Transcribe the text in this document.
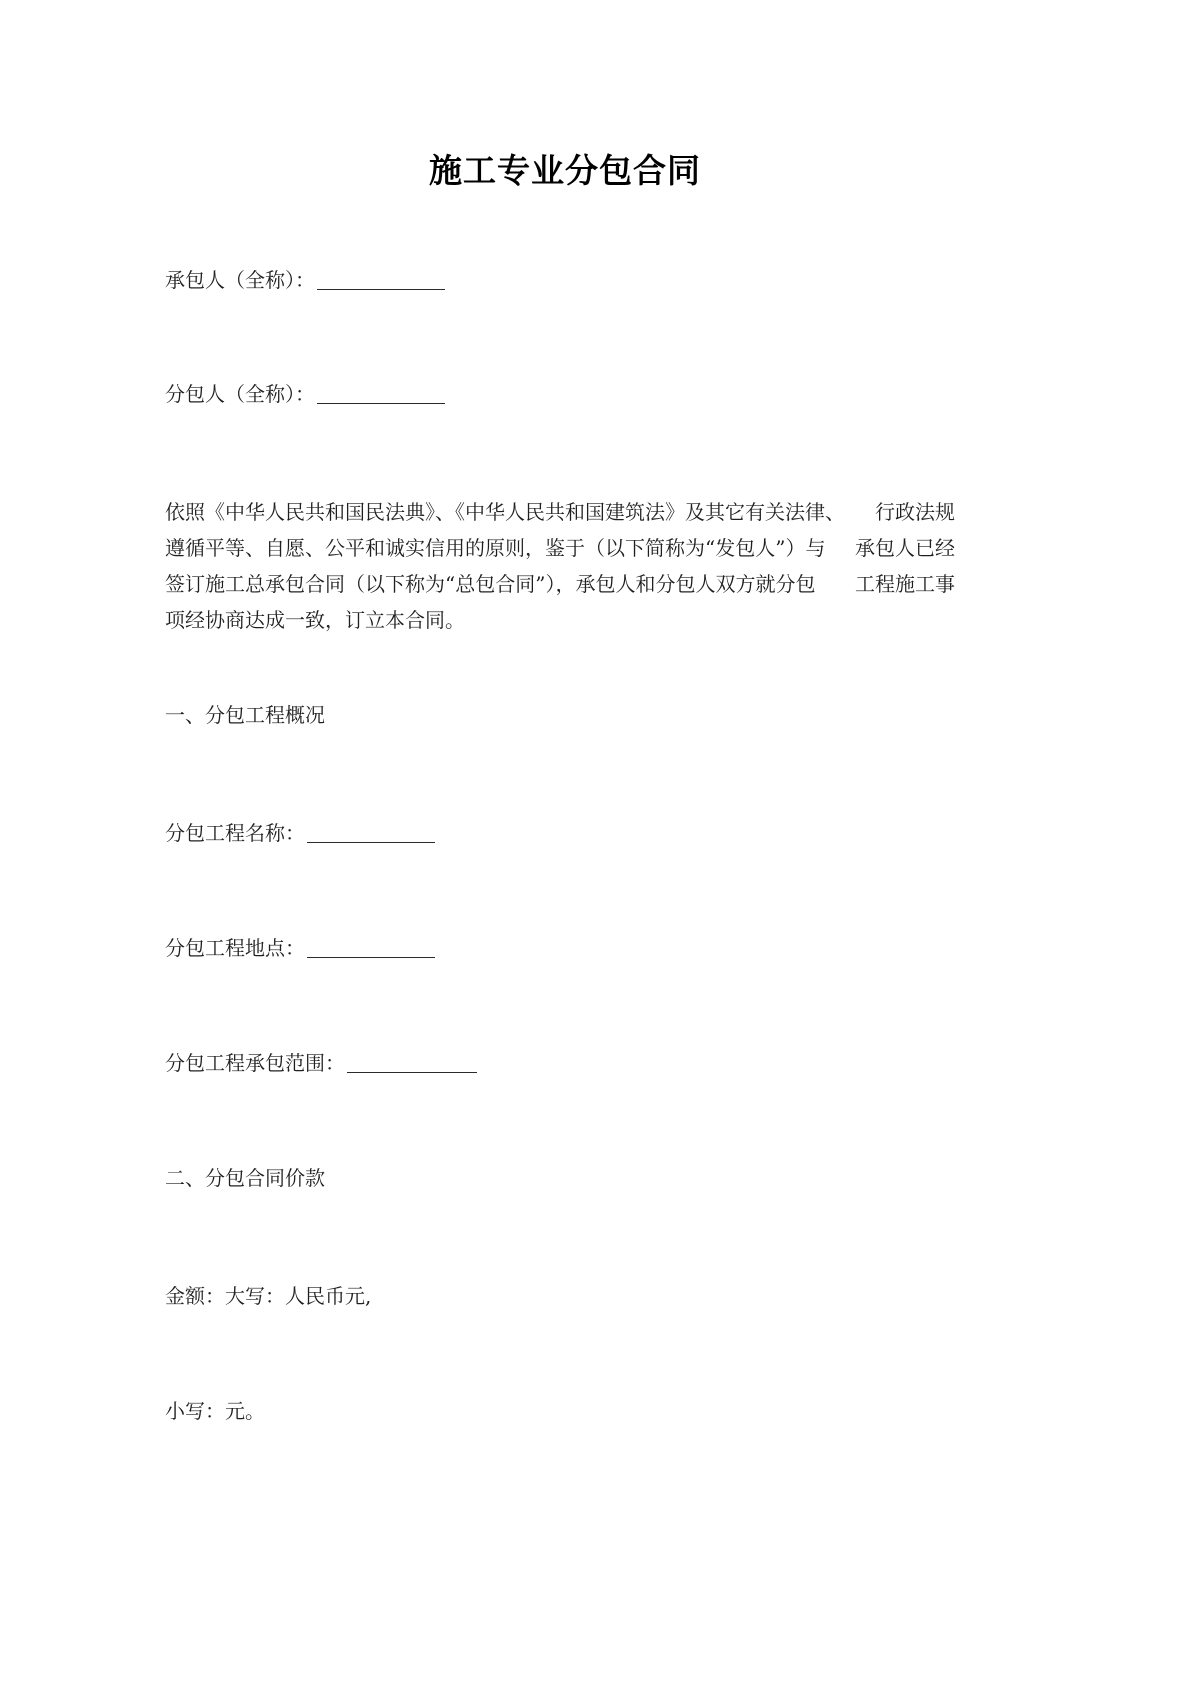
施工专业分包合同
承包人（全称）：
分包人（全称）：
依照《中华人民共和国民法典》、《中华人民共和国建筑法》及其它有关法律、 行政法规
遵循平等、自愿、公平和诚实信用的原则，鉴于（以下简称为“发包人”）与 承包人已经
签订施工总承包合同（以下称为“总包合同”），承包人和分包人双方就分包 工程施工事
项经协商达成一致，订立本合同。
一、分包工程概况
分包工程名称：
分包工程地点：
分包工程承包范围：
二、分包合同价款
金额：大写：人民币元,
小写：元。
